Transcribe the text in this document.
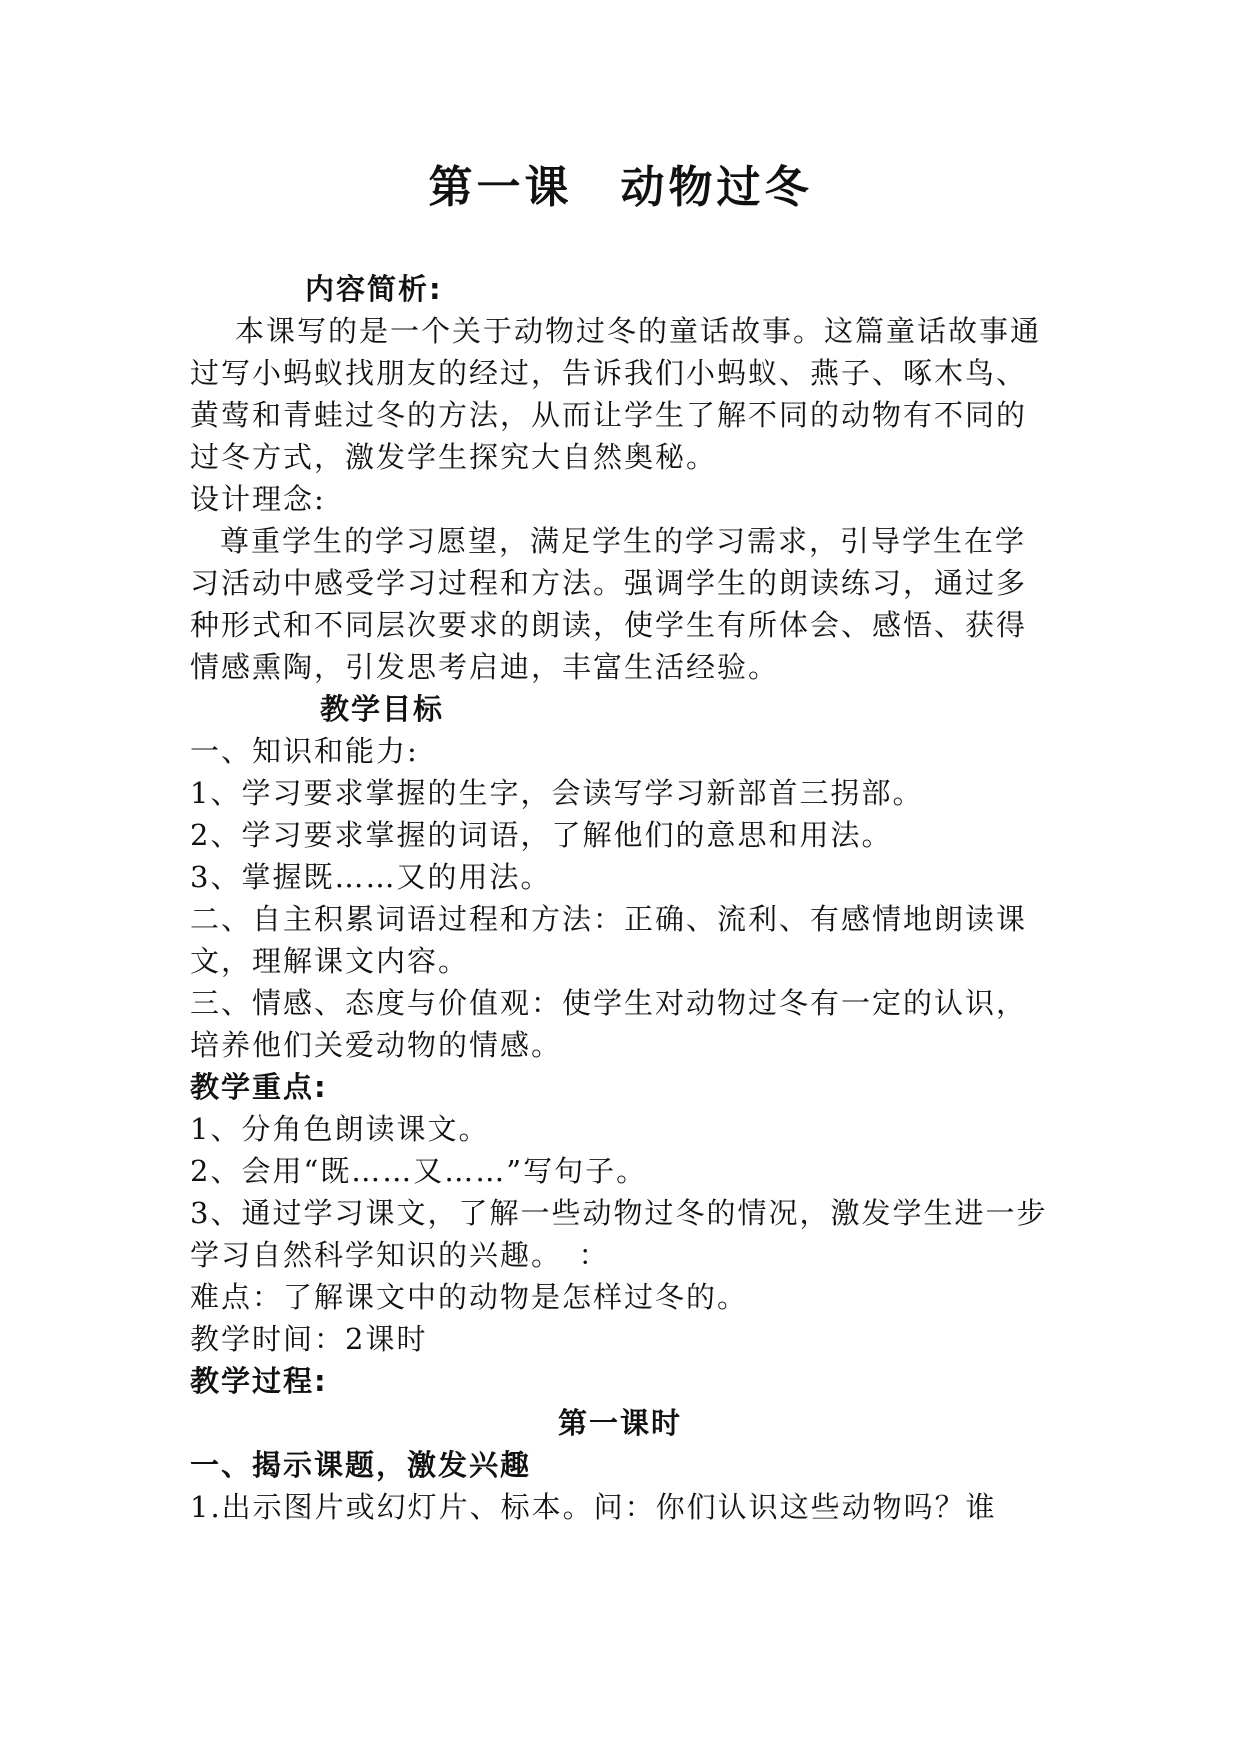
第一课　动物过冬

内容简析:

本课写的是一个关于动物过冬的童话故事。这篇童话故事通过写小蚂蚁找朋友的经过，告诉我们小蚂蚁、燕子、啄木鸟、黄莺和青蛙过冬的方法，从而让学生了解不同的动物有不同的过冬方式，激发学生探究大自然奥秘。

设计理念:

尊重学生的学习愿望，满足学生的学习需求，引导学生在学习活动中感受学习过程和方法。强调学生的朗读练习，通过多种形式和不同层次要求的朗读，使学生有所体会、感悟、获得情感熏陶，引发思考启迪，丰富生活经验。

教学目标

一、知识和能力:

1、学习要求掌握的生字，会读写学习新部首三拐部。

2、学习要求掌握的词语，了解他们的意思和用法。

3、掌握既……又的用法。

二、自主积累词语过程和方法：正确、流利、有感情地朗读课文，理解课文内容。

三、情感、态度与价值观：使学生对动物过冬有一定的认识，培养他们关爱动物的情感。

教学重点:

1、分角色朗读课文。

2、会用“既……又……”写句子。

3、通过学习课文，了解一些动物过冬的情况，激发学生进一步学习自然科学知识的兴趣。　：

难点：了解课文中的动物是怎样过冬的。

教学时间：2课时

教学过程:

第一课时

一、揭示课题，激发兴趣

1.出示图片或幻灯片、标本。问：你们认识这些动物吗？谁
